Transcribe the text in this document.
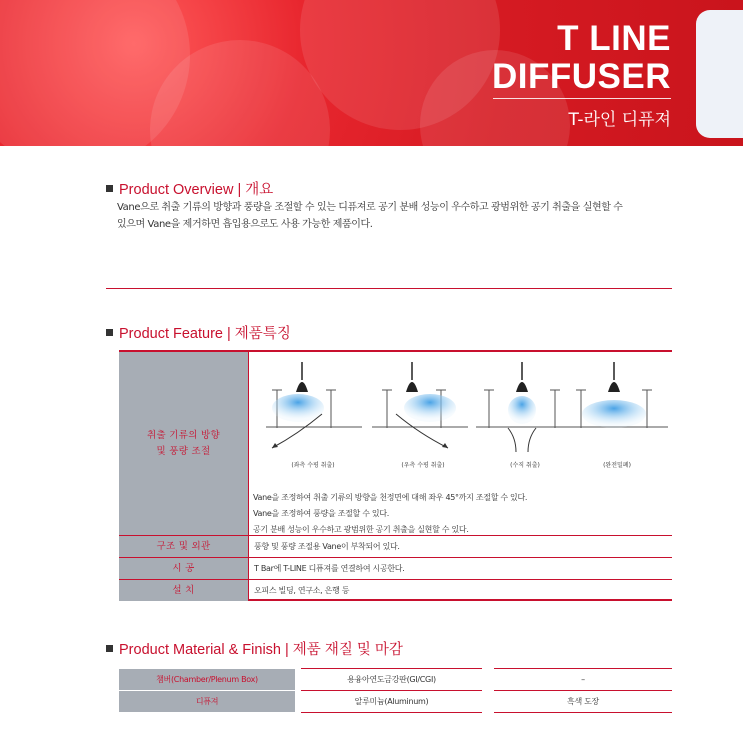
T LINE
DIFFUSER
T-라인 디퓨져
Product Overview | 개요
Vane으로 취출 기류의 방향과 풍량을 조절할 수 있는 디퓨져로 공기 분배 성능이 우수하고 광범위한 공기 취출을 실현할 수
있으며 Vane을 제거하면 흡입용으로도 사용 가능한 제품이다.
Product Feature | 제품특징
취출 기류의 방향
및 풍량 조절
(좌측 수평 취출)	(우측 수평 취출)	(수직 취출)	(완전밀폐)
Vane을 조정하여 취출 기류의 방향을 천정면에 대해 좌우 45°까지 조절할 수 있다.
Vane을 조정하여 풍량을 조절할 수 있다.
공기 분배 성능이 우수하고 광범위한 공기 취출을 실현할 수 있다.
구조 및 외관	풍향 및 풍량 조절용 Vane이 부착되어 있다.
시 공	T Bar에 T-LINE 디퓨져를 연결하여 시공한다.
설 치	오피스 빌딩, 연구소, 은행 등
Product Material & Finish | 제품 재질 및 마감
챔버(Chamber/Plenum Box)	용융아연도금강판(GI/CGI)	–
디퓨져	알루미늄(Aluminum)	흑색 도장
